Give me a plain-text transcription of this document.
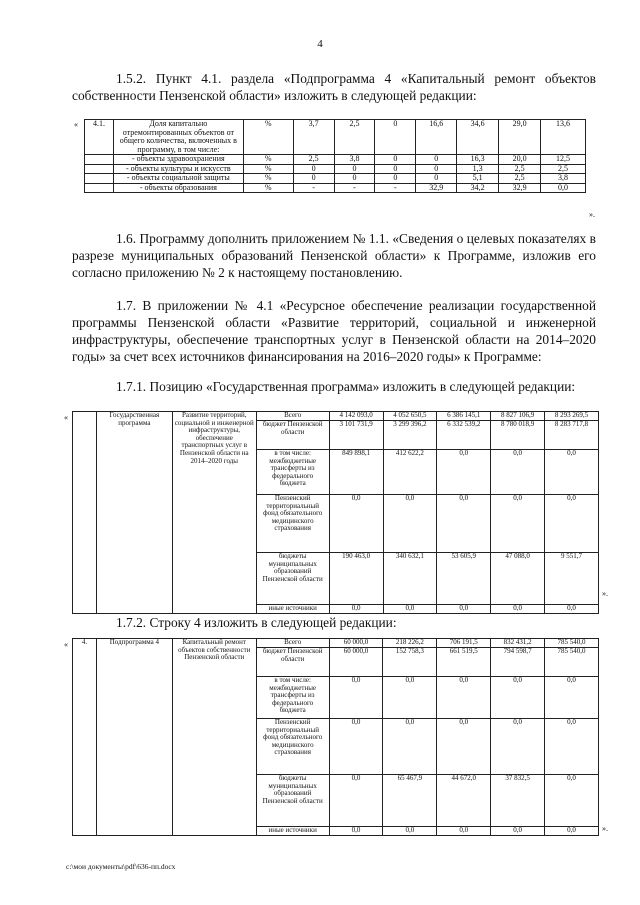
4
1.5.2. Пункт 4.1. раздела «Подпрограмма 4 «Капитальный ремонт объектов собственности Пензенской области» изложить в следующей редакции:
« 4.1.	Доля капитально отремонтированных объектов от общего количества, включенных в программу, в том числе:	%	3,7	2,5	0	16,6	34,6	29,0	13,6
	- объекты здравоохранения	%	2,5	3,8	0	0	16,3	20,0	12,5
	- объекты культуры и искусств	%	0	0	0	0	1,3	2,5	2,5
	- объекты социальной защиты	%	0	0	0	0	5,1	2,5	3,8
	- объекты образования	%	-	-	-	32,9	34,2	32,9	0,0
».
1.6. Программу дополнить приложением № 1.1. «Сведения о целевых показателях в разрезе муниципальных образований Пензенской области» к Программе, изложив его согласно приложению № 2 к настоящему постановлению.
1.7. В приложении № 4.1 «Ресурсное обеспечение реализации государственной программы Пензенской области «Развитие территорий, социальной и инженерной инфраструктуры, обеспечение транспортных услуг в Пензенской области на 2014–2020 годы» за счет всех источников финансирования на 2016–2020 годы» к Программе:
1.7.1. Позицию «Государственная программа» изложить в следующей редакции:
«
		Государственная программа	Развитие территорий, социальной и инженерной инфраструктуры, обеспечение транспортных услуг в Пензенской области на 2014–2020 годы	Всего	4 142 093,0	4 052 650,5	6 386 145,1	8 827 106,9	8 293 269,5
			бюджет Пензенской области	3 101 731,9	3 299 396,2	6 332 539,2	8 780 018,9	8 283 717,8
			в том числе: межбюджетные трансферты из федерального бюджета	849 898,1	412 622,2	0,0	0,0	0,0
			Пензенский территориальный фонд обязательного медицинского страхования	0,0	0,0	0,0	0,0	0,0
			бюджеты муниципальных образований Пензенской области	190 463,0	340 632,1	53 605,9	47 088,0	9 551,7
			иные источники	0,0	0,0	0,0	0,0	0,0
».
1.7.2. Строку 4 изложить в следующей редакции:
« 4.	Подпрограмма 4	Капитальный ремонт объектов собственности Пензенской области	Всего	60 000,0	218 226,2	706 191,5	832 431,2	785 540,0
			бюджет Пензенской области	60 000,0	152 758,3	661 519,5	794 598,7	785 540,0
			в том числе: межбюджетные трансферты из федерального бюджета	0,0	0,0	0,0	0,0	0,0
			Пензенский территориальный фонд обязательного медицинского страхования	0,0	0,0	0,0	0,0	0,0
			бюджеты муниципальных образований Пензенской области	0,0	65 467,9	44 672,0	37 832,5	0,0
			иные источники	0,0	0,0	0,0	0,0	0,0	».
c:\мои документы\pdf\636-пп.docx
